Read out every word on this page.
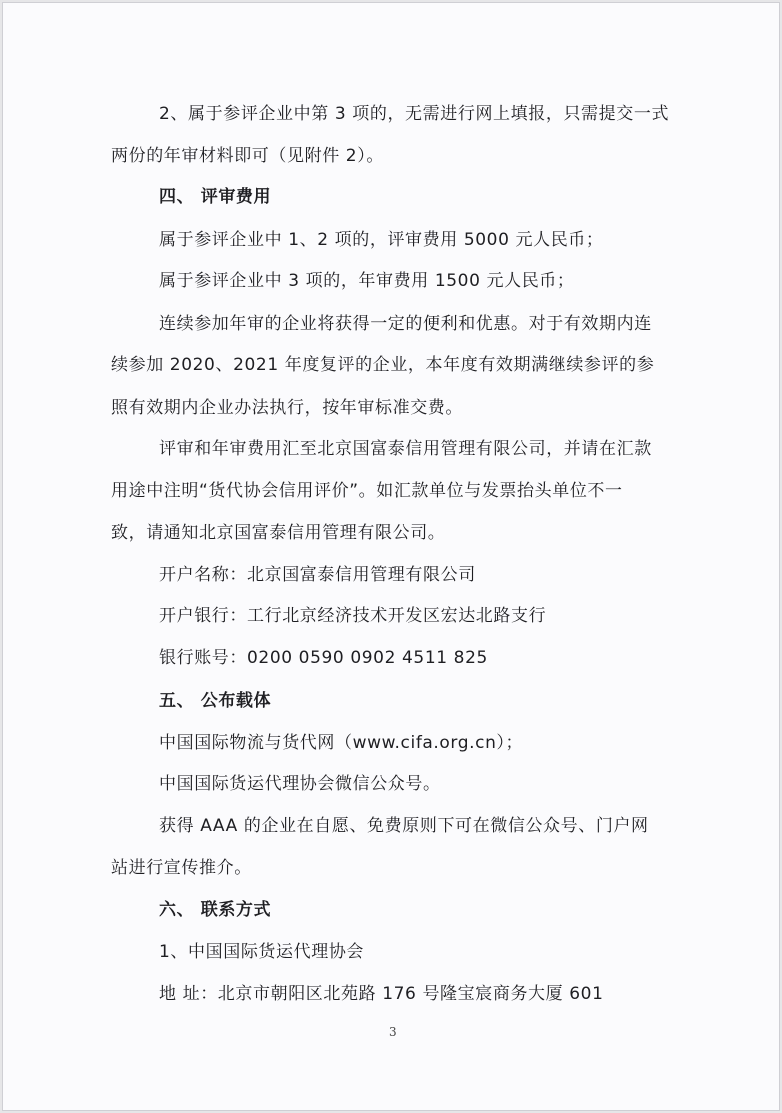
2、属于参评企业中第 3 项的，无需进行网上填报，只需提交一式
两份的年审材料即可（见附件 2）。
四、 评审费用
属于参评企业中 1、2 项的，评审费用 5000 元人民币；
属于参评企业中 3 项的，年审费用 1500 元人民币；
连续参加年审的企业将获得一定的便利和优惠。对于有效期内连
续参加 2020、2021 年度复评的企业，本年度有效期满继续参评的参
照有效期内企业办法执行，按年审标准交费。
评审和年审费用汇至北京国富泰信用管理有限公司，并请在汇款
用途中注明“货代协会信用评价”。如汇款单位与发票抬头单位不一
致，请通知北京国富泰信用管理有限公司。
开户名称：北京国富泰信用管理有限公司
开户银行：工行北京经济技术开发区宏达北路支行
银行账号：0200 0590 0902 4511 825
五、 公布载体
中国国际物流与货代网（www.cifa.org.cn）；
中国国际货运代理协会微信公众号。
获得 AAA 的企业在自愿、免费原则下可在微信公众号、门户网
站进行宣传推介。
六、 联系方式
1、中国国际货运代理协会
地 址：北京市朝阳区北苑路 176 号隆宝宸商务大厦 601
3
